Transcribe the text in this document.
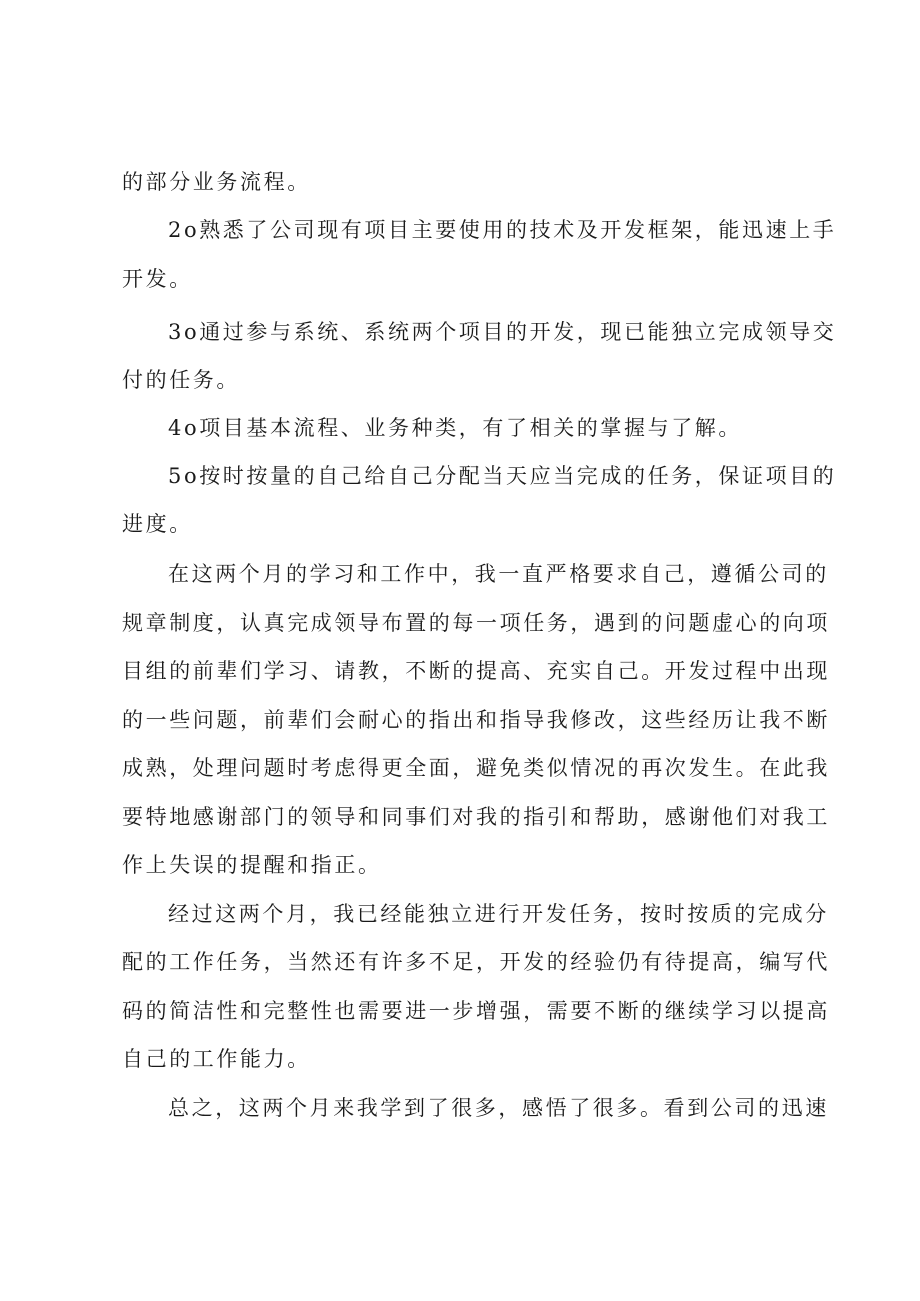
的部分业务流程。
2o熟悉了公司现有项目主要使用的技术及开发框架，能迅速上手
开发。
3o通过参与系统、系统两个项目的开发，现已能独立完成领导交
付的任务。
4o项目基本流程、业务种类，有了相关的掌握与了解。
5o按时按量的自己给自己分配当天应当完成的任务，保证项目的
进度。
在这两个月的学习和工作中，我一直严格要求自己，遵循公司的
规章制度，认真完成领导布置的每一项任务，遇到的问题虚心的向项
目组的前辈们学习、请教，不断的提高、充实自己。开发过程中出现
的一些问题，前辈们会耐心的指出和指导我修改，这些经历让我不断
成熟，处理问题时考虑得更全面，避免类似情况的再次发生。在此我
要特地感谢部门的领导和同事们对我的指引和帮助，感谢他们对我工
作上失误的提醒和指正。
经过这两个月，我已经能独立进行开发任务，按时按质的完成分
配的工作任务，当然还有许多不足，开发的经验仍有待提高，编写代
码的简洁性和完整性也需要进一步增强，需要不断的继续学习以提高
自己的工作能力。
总之，这两个月来我学到了很多，感悟了很多。看到公司的迅速
